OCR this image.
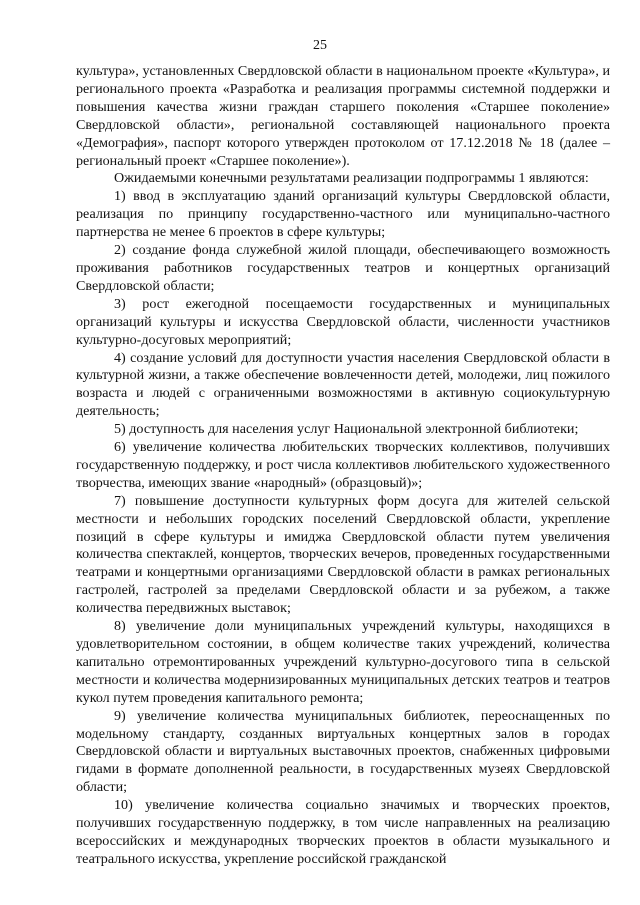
25

культура», установленных Свердловской области в национальном проекте «Культура», и регионального проекта «Разработка и реализация программы системной поддержки и повышения качества жизни граждан старшего поколения «Старшее поколение» Свердловской области», региональной составляющей национального проекта «Демография», паспорт которого утвержден протоколом от 17.12.2018 № 18 (далее – региональный проект «Старшее поколение»).

Ожидаемыми конечными результатами реализации подпрограммы 1 являются:

1) ввод в эксплуатацию зданий организаций культуры Свердловской области, реализация по принципу государственно-частного или муниципально-частного партнерства не менее 6 проектов в сфере культуры;

2) создание фонда служебной жилой площади, обеспечивающего возможность проживания работников государственных театров и концертных организаций Свердловской области;

3) рост ежегодной посещаемости государственных и муниципальных организаций культуры и искусства Свердловской области, численности участников культурно-досуговых мероприятий;

4) создание условий для доступности участия населения Свердловской области в культурной жизни, а также обеспечение вовлеченности детей, молодежи, лиц пожилого возраста и людей с ограниченными возможностями в активную социокультурную деятельность;

5) доступность для населения услуг Национальной электронной библиотеки;

6) увеличение количества любительских творческих коллективов, получивших государственную поддержку, и рост числа коллективов любительского художественного творчества, имеющих звание «народный» (образцовый)»;

7) повышение доступности культурных форм досуга для жителей сельской местности и небольших городских поселений Свердловской области, укрепление позиций в сфере культуры и имиджа Свердловской области путем увеличения количества спектаклей, концертов, творческих вечеров, проведенных государственными театрами и концертными организациями Свердловской области в рамках региональных гастролей, гастролей за пределами Свердловской области и за рубежом, а также количества передвижных выставок;

8) увеличение доли муниципальных учреждений культуры, находящихся в удовлетворительном состоянии, в общем количестве таких учреждений, количества капитально отремонтированных учреждений культурно-досугового типа в сельской местности и количества модернизированных муниципальных детских театров и театров кукол путем проведения капитального ремонта;

9) увеличение количества муниципальных библиотек, переоснащенных по модельному стандарту, созданных виртуальных концертных залов в городах Свердловской области и виртуальных выставочных проектов, снабженных цифровыми гидами в формате дополненной реальности, в государственных музеях Свердловской области;

10) увеличение количества социально значимых и творческих проектов, получивших государственную поддержку, в том числе направленных на реализацию всероссийских и международных творческих проектов в области музыкального и театрального искусства, укрепление российской гражданской
